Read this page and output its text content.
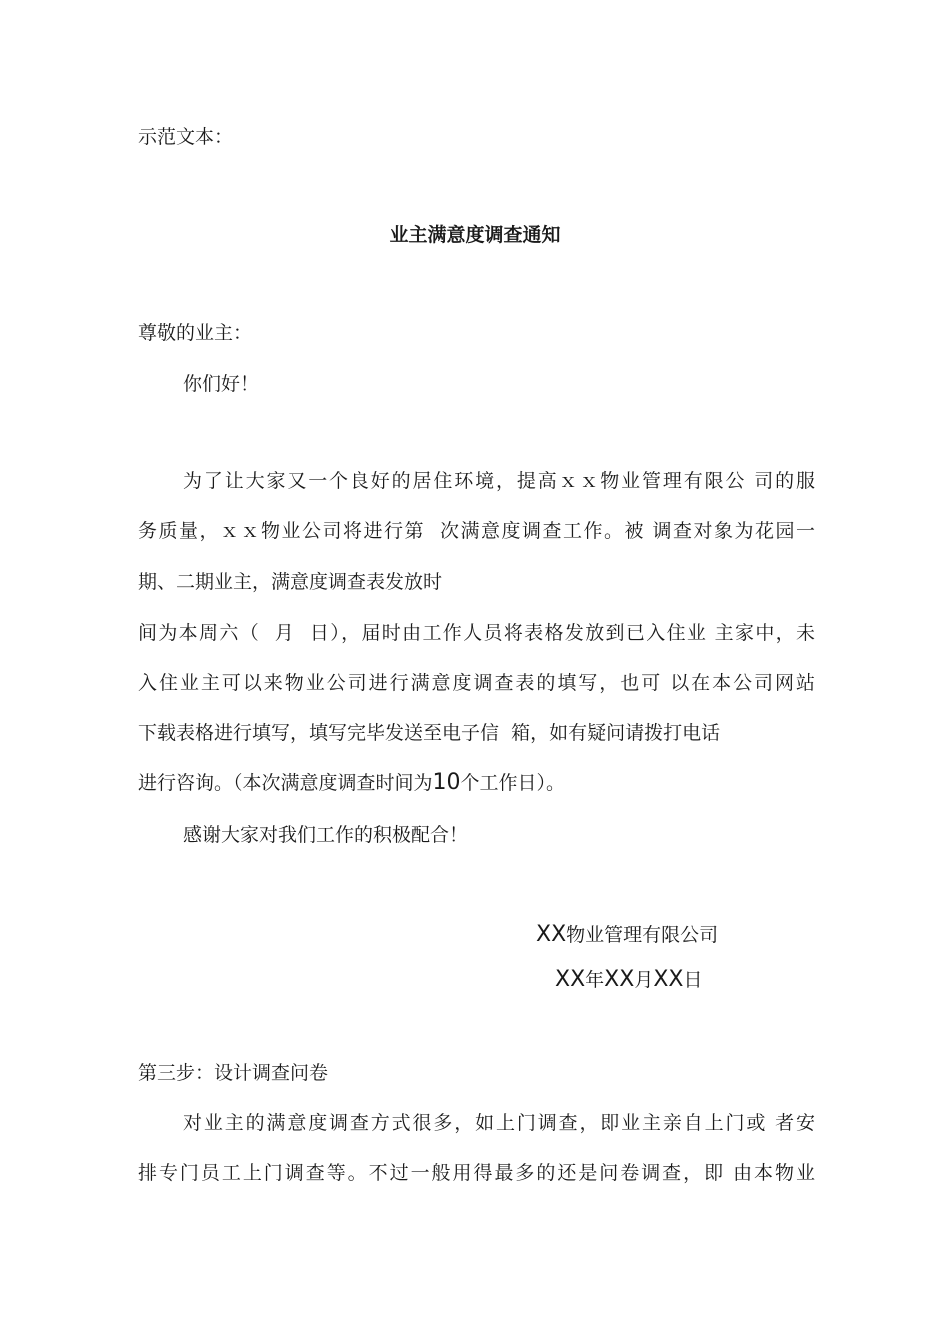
示范文本：
业主满意度调查通知
尊敬的业主：
你们好！
为了让大家又一个良好的居住环境，提高ｘｘ物业管理有限公 司的服
务质量，ｘｘ物业公司将进行第  次满意度调查工作。被 调查对象为花园一
期、二期业主，满意度调查表发放时
间为本周六（  月  日），届时由工作人员将表格发放到已入住业 主家中，未
入住业主可以来物业公司进行满意度调查表的填写，也可 以在本公司网站
下载表格进行填写，填写完毕发送至电子信  箱，如有疑问请拨打电话
进行咨询。（本次满意度调查时间为10个工作日）。
感谢大家对我们工作的积极配合！
XX物业管理有限公司
XX年XX月XX日
第三步：设计调查问卷
对业主的满意度调查方式很多，如上门调查，即业主亲自上门或 者安
排专门员工上门调查等。不过一般用得最多的还是问卷调查，即 由本物业
